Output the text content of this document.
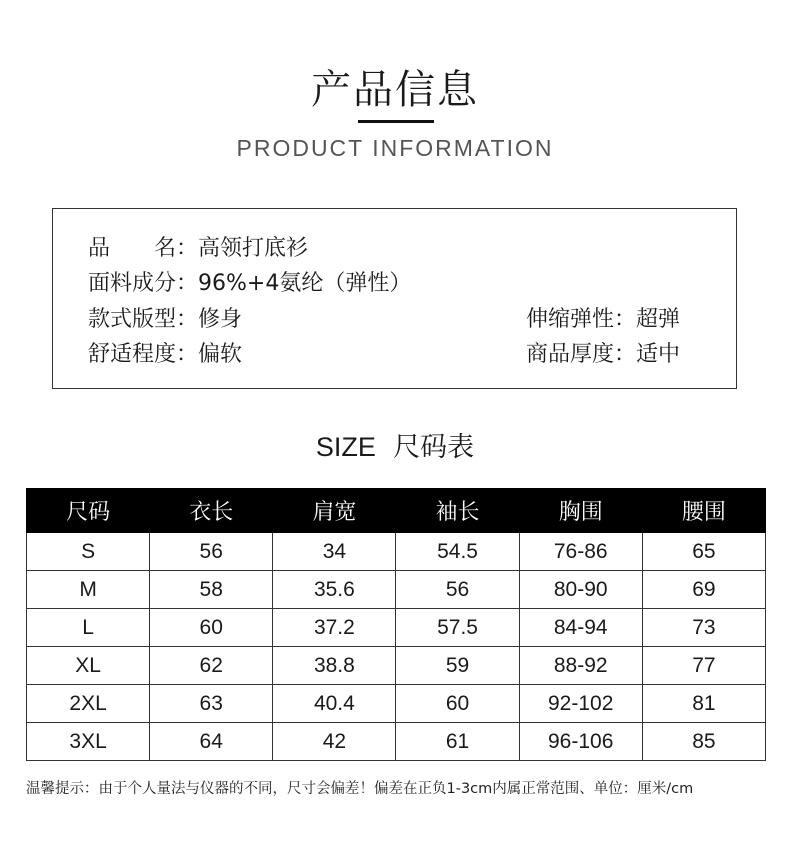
产品信息
PRODUCT INFORMATION
品　　名：高领打底衫
面料成分：96%+4氨纶（弹性）
款式版型：修身	伸缩弹性：超弹
舒适程度：偏软	商品厚度：适中
SIZE 尺码表
尺码	衣长	肩宽	袖长	胸围	腰围
S	56	34	54.5	76-86	65
M	58	35.6	56	80-90	69
L	60	37.2	57.5	84-94	73
XL	62	38.8	59	88-92	77
2XL	63	40.4	60	92-102	81
3XL	64	42	61	96-106	85
温馨提示：由于个人量法与仪器的不同，尺寸会偏差！偏差在正负1-3cm内属正常范围、单位：厘米/cm
